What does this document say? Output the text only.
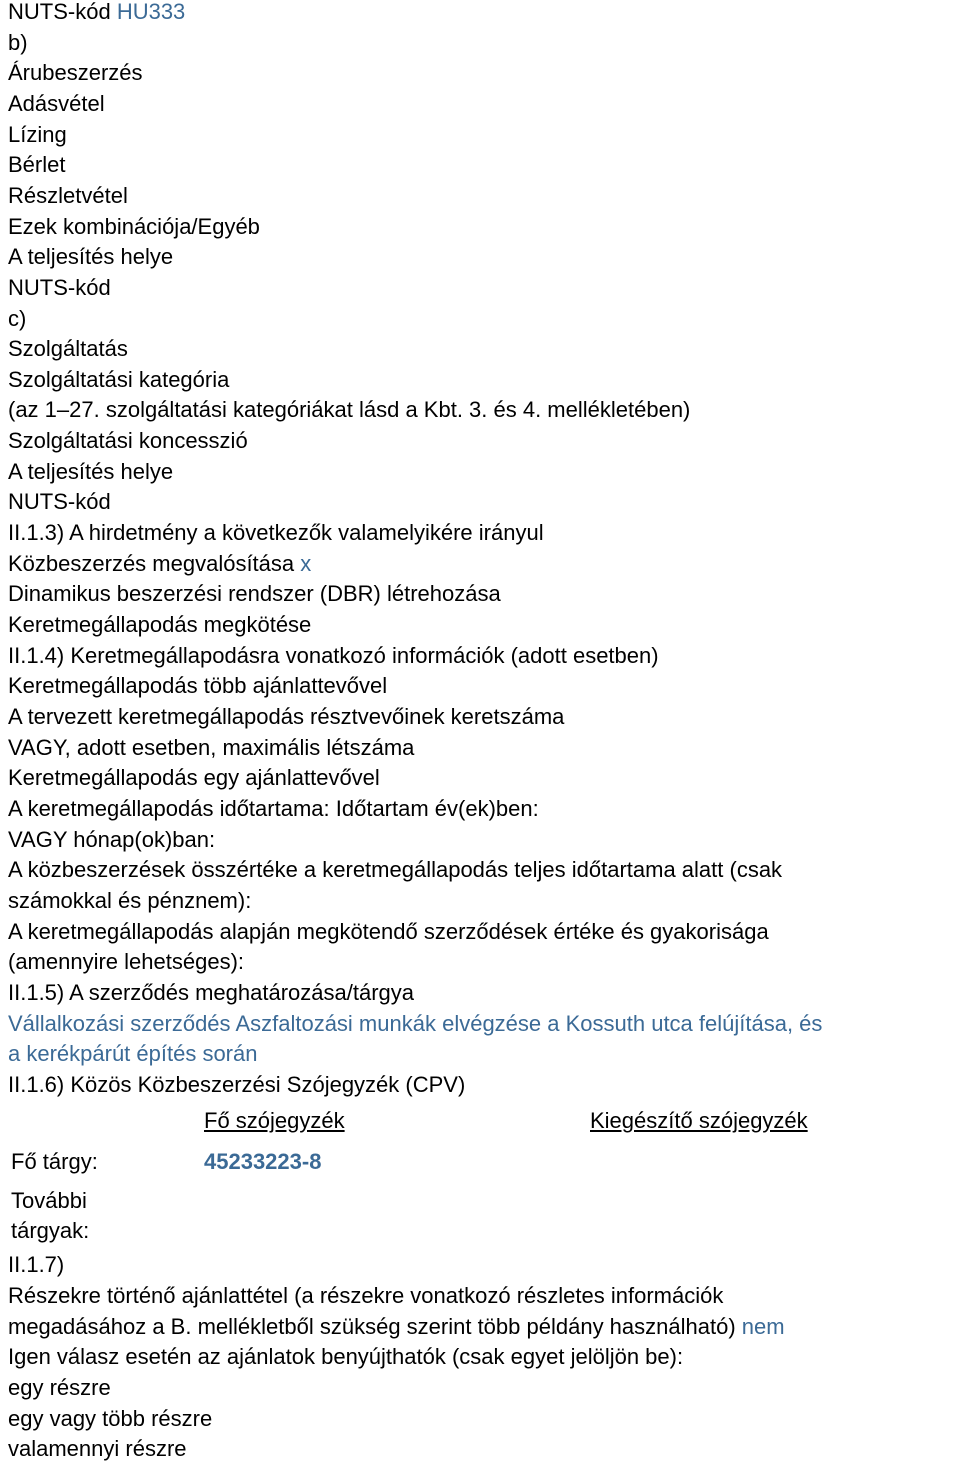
NUTS-kód HU333
b)
Árubeszerzés
Adásvétel
Lízing
Bérlet
Részletvétel
Ezek kombinációja/Egyéb
A teljesítés helye
NUTS-kód
c)
Szolgáltatás
Szolgáltatási kategória
(az 1–27. szolgáltatási kategóriákat lásd a Kbt. 3. és 4. mellékletében)
Szolgáltatási koncesszió
A teljesítés helye
NUTS-kód
II.1.3) A hirdetmény a következők valamelyikére irányul
Közbeszerzés megvalósítása x
Dinamikus beszerzési rendszer (DBR) létrehozása
Keretmegállapodás megkötése
II.1.4) Keretmegállapodásra vonatkozó információk (adott esetben)
Keretmegállapodás több ajánlattevővel
A tervezett keretmegállapodás résztvevőinek keretszáma
VAGY, adott esetben, maximális létszáma
Keretmegállapodás egy ajánlattevővel
A keretmegállapodás időtartama: Időtartam év(ek)ben:
VAGY hónap(ok)ban:
A közbeszerzések összértéke a keretmegállapodás teljes időtartama alatt (csak
számokkal és pénznem):
A keretmegállapodás alapján megkötendő szerződések értéke és gyakorisága
(amennyire lehetséges):
II.1.5) A szerződés meghatározása/tárgya
Vállalkozási szerződés Aszfaltozási munkák elvégzése a Kossuth utca felújítása, és
a kerékpárút építés során
II.1.6) Közös Közbeszerzési Szójegyzék (CPV)
Fő szójegyzék	Kiegészítő szójegyzék
Fő tárgy:	45233223-8
További tárgyak:
II.1.7)
Részekre történő ajánlattétel (a részekre vonatkozó részletes információk
megadásához a B. mellékletből szükség szerint több példány használható) nem
Igen válasz esetén az ajánlatok benyújthatók (csak egyet jelöljön be):
egy részre
egy vagy több részre
valamennyi részre
